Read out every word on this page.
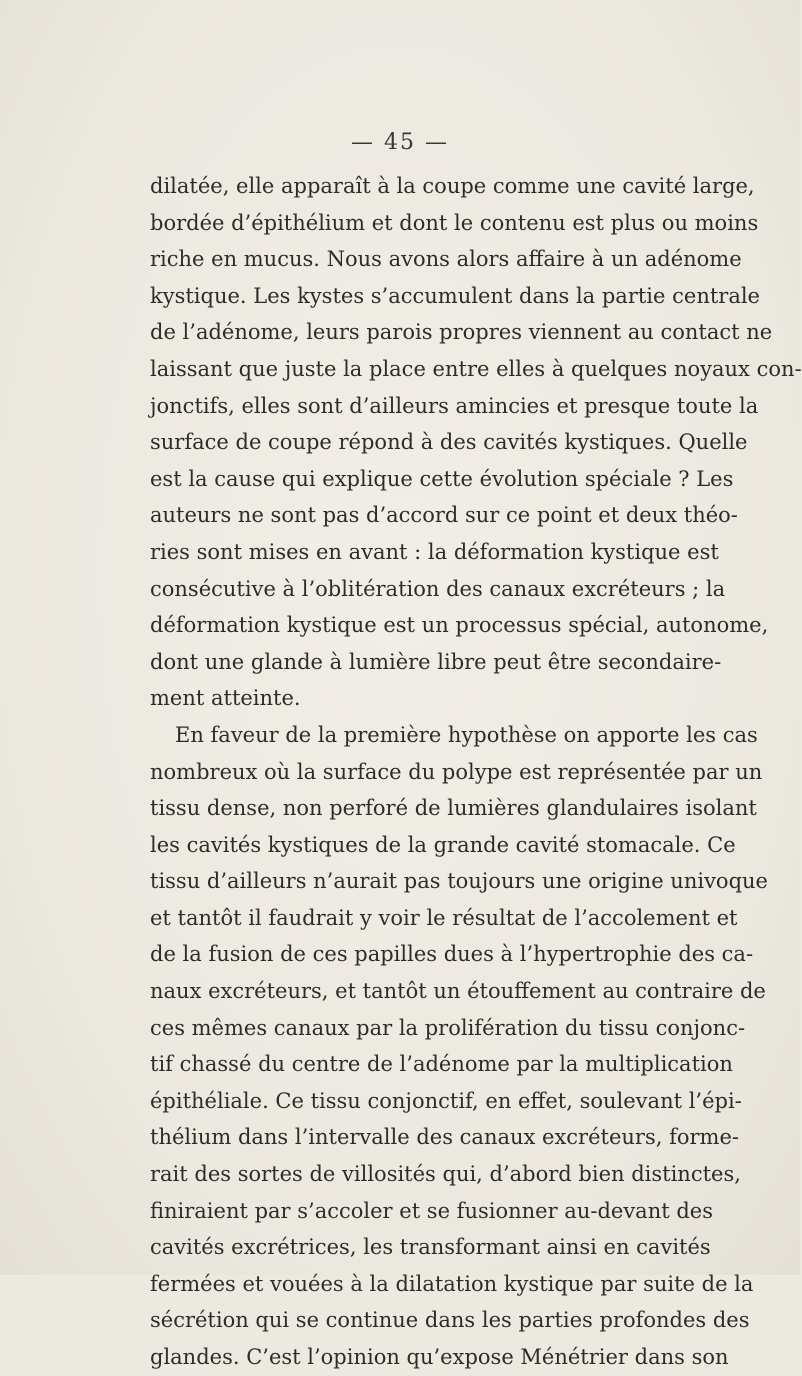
— 45 —
dilatée, elle apparaît à la coupe comme une cavité large,
bordée d’épithélium et dont le contenu est plus ou moins
riche en mucus. Nous avons alors affaire à un adénome
kystique. Les kystes s’accumulent dans la partie centrale
de l’adénome, leurs parois propres viennent au contact ne
laissant que juste la place entre elles à quelques noyaux con-
jonctifs, elles sont d’ailleurs amincies et presque toute la
surface de coupe répond à des cavités kystiques. Quelle
est la cause qui explique cette évolution spéciale ? Les
auteurs ne sont pas d’accord sur ce point et deux théo-
ries sont mises en avant : la déformation kystique est
consécutive à l’oblitération des canaux excréteurs ; la
déformation kystique est un processus spécial, autonome,
dont une glande à lumière libre peut être secondaire-
ment atteinte.
En faveur de la première hypothèse on apporte les cas
nombreux où la surface du polype est représentée par un
tissu dense, non perforé de lumières glandulaires isolant
les cavités kystiques de la grande cavité stomacale. Ce
tissu d’ailleurs n’aurait pas toujours une origine univoque
et tantôt il faudrait y voir le résultat de l’accolement et
de la fusion de ces papilles dues à l’hypertrophie des ca-
naux excréteurs, et tantôt un étouffement au contraire de
ces mêmes canaux par la prolifération du tissu conjonc-
tif chassé du centre de l’adénome par la multiplication
épithéliale. Ce tissu conjonctif, en effet, soulevant l’épi-
thélium dans l’intervalle des canaux excréteurs, forme-
rait des sortes de villosités qui, d’abord bien distinctes,
finiraient par s’accoler et se fusionner au-devant des
cavités excrétrices, les transformant ainsi en cavités
fermées et vouées à la dilatation kystique par suite de la
sécrétion qui se continue dans les parties profondes des
glandes. C’est l’opinion qu’expose Ménétrier dans son
